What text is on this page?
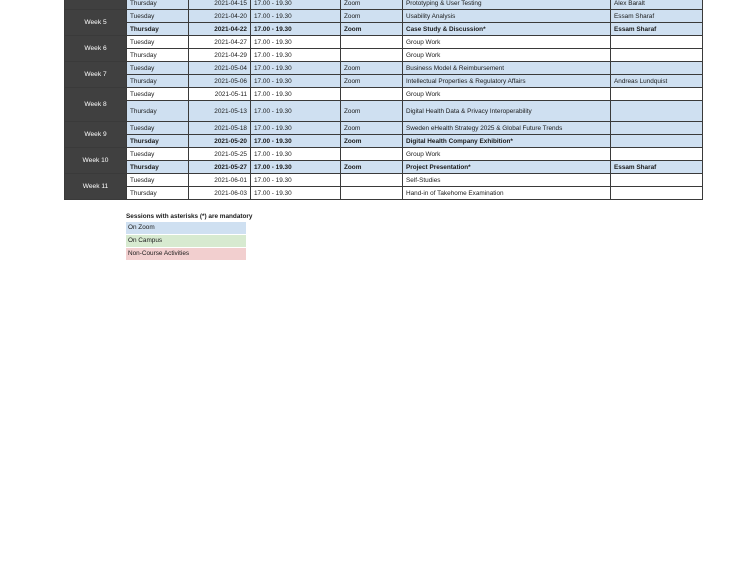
	Thursday	2021-04-15	17.00 - 19.30	Zoom	Prototyping & User Testing	Alex Baralt
Week 5	Tuesday	2021-04-20	17.00 - 19.30	Zoom	Usability Analysis	Essam Sharaf
	Thursday	2021-04-22	17.00 - 19.30	Zoom	Case Study & Discussion*	Essam Sharaf
Week 6	Tuesday	2021-04-27	17.00 - 19.30		Group Work	
	Thursday	2021-04-29	17.00 - 19.30		Group Work	
Week 7	Tuesday	2021-05-04	17.00 - 19.30	Zoom	Business Model & Reimbursement	
	Thursday	2021-05-06	17.00 - 19.30	Zoom	Intellectual Properties & Regulatory Affairs	Andreas Lundquist
Week 8	Tuesday	2021-05-11	17.00 - 19.30		Group Work	
	Thursday	2021-05-13	17.00 - 19.30	Zoom	Digital Health Data & Privacy Interoperability	
Week 9	Tuesday	2021-05-18	17.00 - 19.30	Zoom	Sweden eHealth Strategy 2025 & Global Future Trends	
	Thursday	2021-05-20	17.00 - 19.30	Zoom	Digital Health Company Exhibition*	
Week 10	Tuesday	2021-05-25	17.00 - 19.30		Group Work	
	Thursday	2021-05-27	17.00 - 19.30	Zoom	Project Presentation*	Essam Sharaf
Week 11	Tuesday	2021-06-01	17.00 - 19.30		Self-Studies	
	Thursday	2021-06-03	17.00 - 19.30		Hand-in of Takehome Examination	
Sessions with asterisks (*) are mandatory
On Zoom
On Campus
Non-Course Activities
